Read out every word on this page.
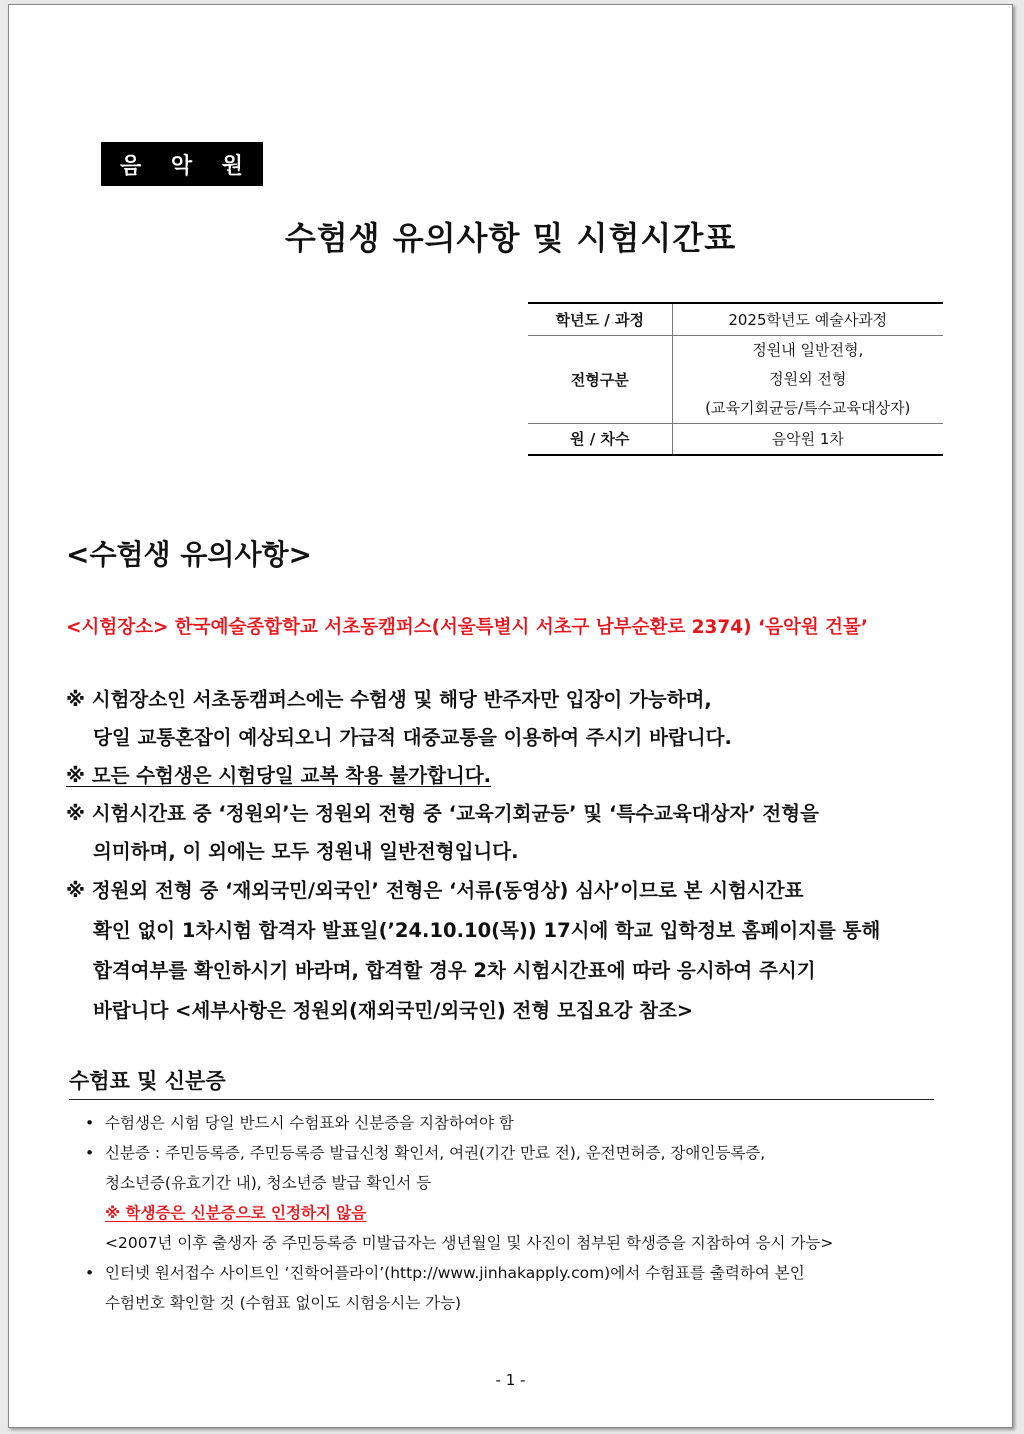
음 악 원
수험생 유의사항 및 시험시간표
학년도 / 과정	2025학년도 예술사과정
전형구분	정원내 일반전형,
정원외 전형
(교육기회균등/특수교육대상자)

원 / 차수	음악원 1차
<수험생 유의사항>
<시험장소> 한국예술종합학교 서초동캠퍼스(서울특별시 서초구 남부순환로 2374) ‘음악원 건물’
※ 시험장소인 서초동캠퍼스에는 수험생 및 해당 반주자만 입장이 가능하며,
당일 교통혼잡이 예상되오니 가급적 대중교통을 이용하여 주시기 바랍니다.
※ 모든 수험생은 시험당일 교복 착용 불가합니다.
※ 시험시간표 중 ‘정원외’는 정원외 전형 중 ‘교육기회균등’ 및 ‘특수교육대상자’ 전형을
의미하며, 이 외에는 모두 정원내 일반전형입니다.
※ 정원외 전형 중 ‘재외국민/외국인’ 전형은 ‘서류(동영상) 심사’이므로 본 시험시간표
확인 없이 1차시험 합격자 발표일(’24.10.10(목)) 17시에 학교 입학정보 홈페이지를 통해
합격여부를 확인하시기 바라며, 합격할 경우 2차 시험시간표에 따라 응시하여 주시기
바랍니다 <세부사항은 정원외(재외국민/외국인) 전형 모집요강 참조>
수험표 및 신분증
• 수험생은 시험 당일 반드시 수험표와 신분증을 지참하여야 함
• 신분증 : 주민등록증, 주민등록증 발급신청 확인서, 여권(기간 만료 전), 운전면허증, 장애인등록증,
청소년증(유효기간 내), 청소년증 발급 확인서 등
※ 학생증은 신분증으로 인정하지 않음
<2007년 이후 출생자 중 주민등록증 미발급자는 생년월일 및 사진이 첨부된 학생증을 지참하여 응시 가능>
• 인터넷 원서접수 사이트인 ‘진학어플라이’(http://www.jinhakapply.com)에서 수험표를 출력하여 본인
수험번호 확인할 것 (수험표 없이도 시험응시는 가능)
- 1 -
